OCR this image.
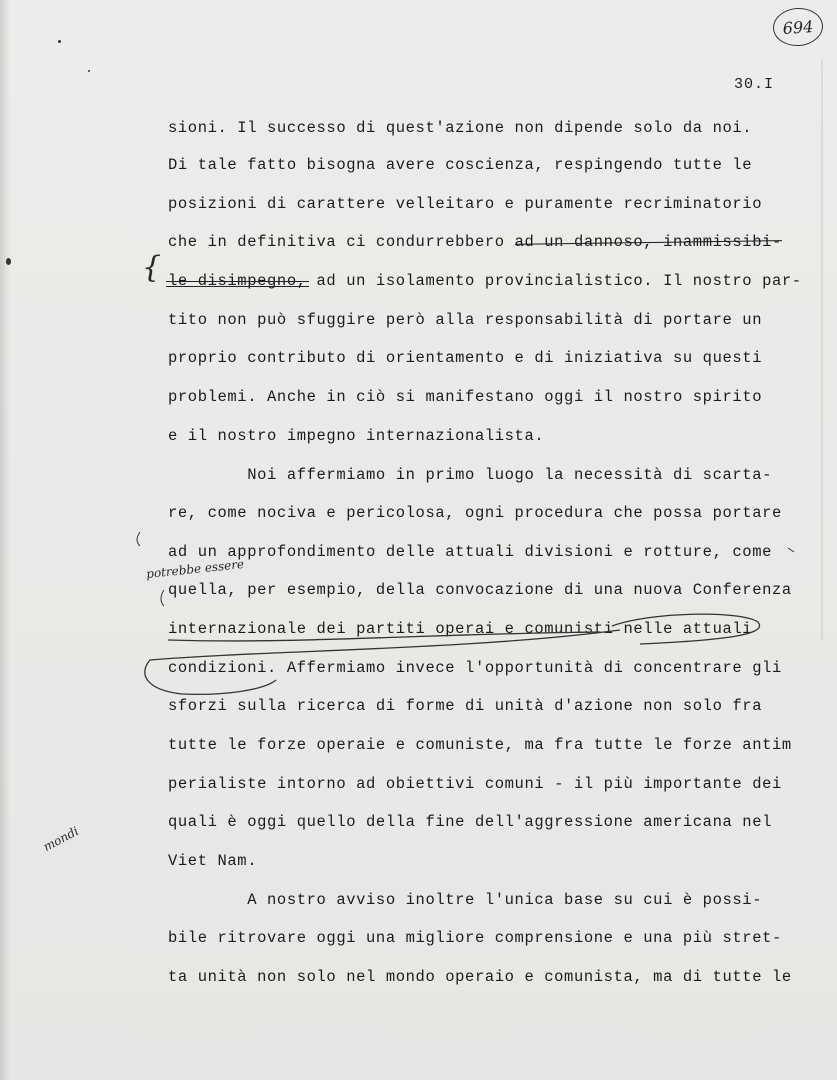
694
30.I
sioni. Il successo di quest'azione non dipende solo da noi.
Di tale fatto bisogna avere coscienza, respingendo tutte le
posizioni di carattere velleitaro e puramente recriminatorio
che in definitiva ci condurrebbero ad un dannoso, inammissibi-
le disimpegno, ad un isolamento provincialistico. Il nostro par-
tito non può sfuggire però alla responsabilità di portare un
proprio contributo di orientamento e di iniziativa su questi
problemi. Anche in ciò si manifestano oggi il nostro spirito
e il nostro impegno internazionalista.
Noi affermiamo in primo luogo la necessità di scarta-
re, come nociva e pericolosa, ogni procedura che possa portare
ad un approfondimento delle attuali divisioni e rotture, come
quella, per esempio, della convocazione di una nuova Conferenza
internazionale dei partiti operai e comunisti nelle attuali
condizioni. Affermiamo invece l'opportunità di concentrare gli
sforzi sulla ricerca di forme di unità d'azione non solo fra
tutte le forze operaie e comuniste, ma fra tutte le forze antim
perialiste intorno ad obiettivi comuni - il più importante dei
quali è oggi quello della fine dell'aggressione americana nel
Viet Nam.
A nostro avviso inoltre l'unica base su cui è possi-
bile ritrovare oggi una migliore comprensione e una più stret-
ta unità non solo nel mondo operaio e comunista, ma di tutte le
{
potrebbe essere
mondi
